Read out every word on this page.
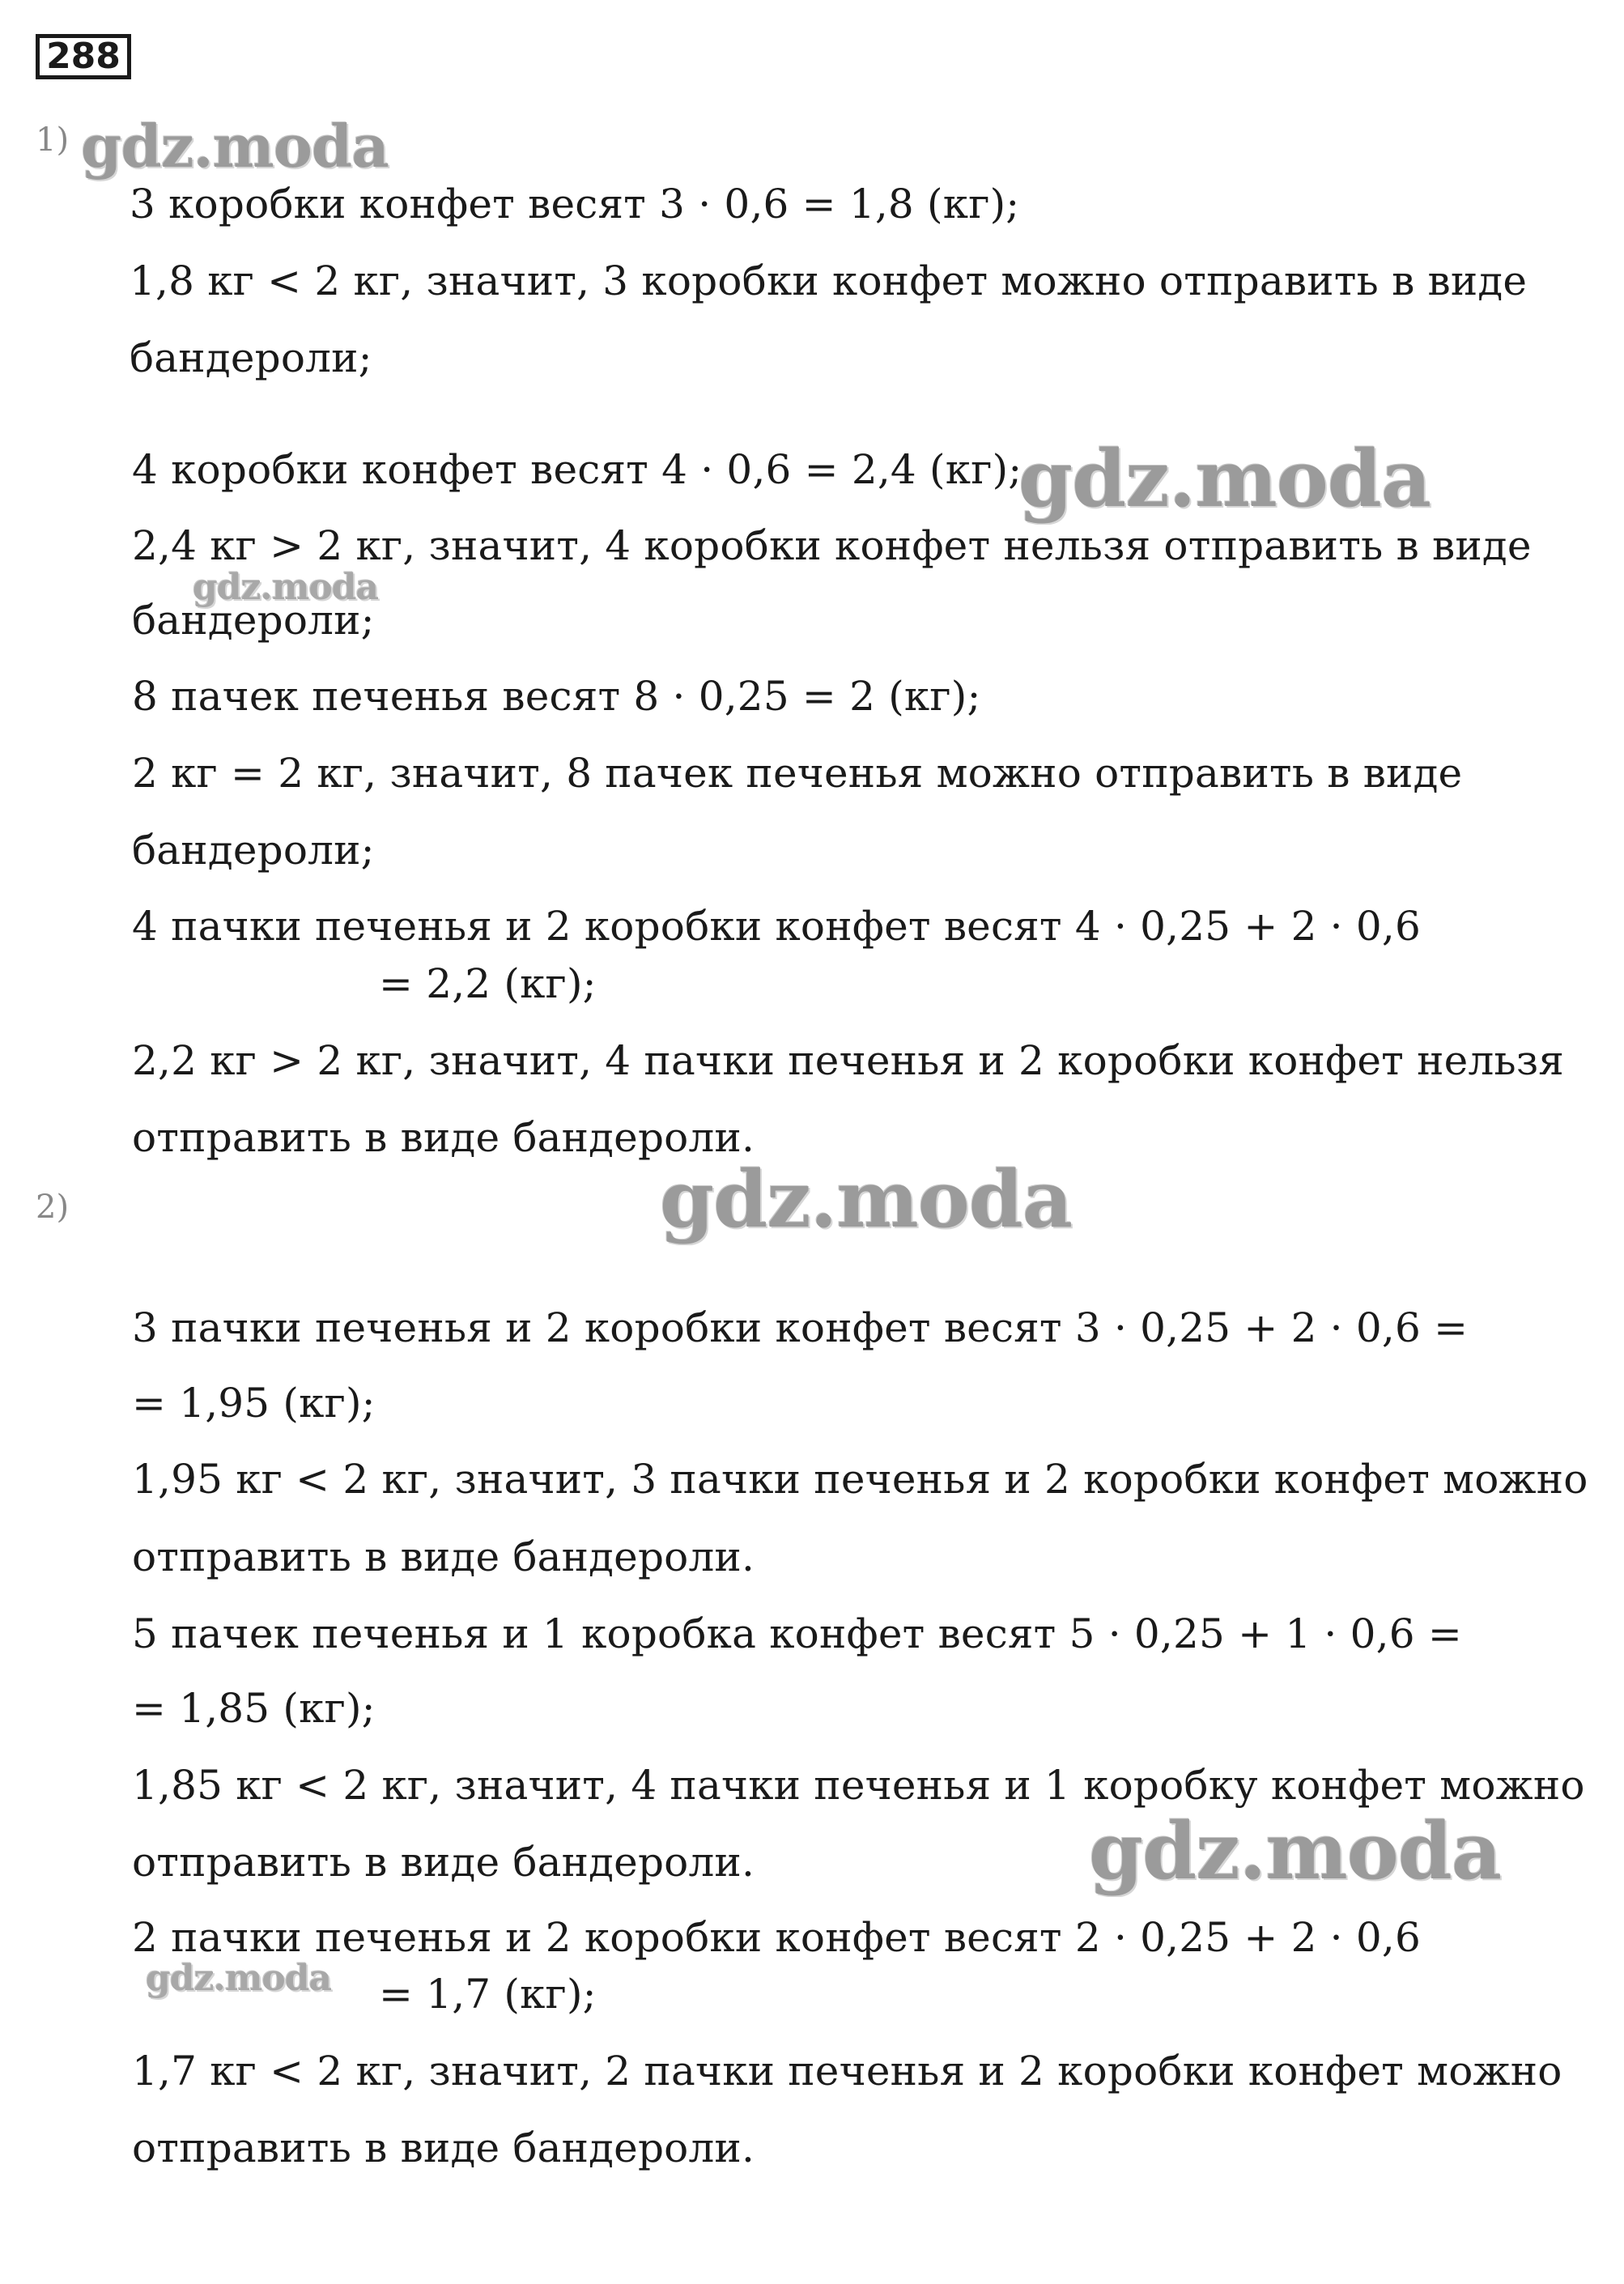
288
1)
3 коробки конфет весят 3 · 0,6 = 1,8 (кг);
1,8 кг < 2 кг, значит, 3 коробки конфет можно отправить в виде
бандероли;
4 коробки конфет весят 4 · 0,6 = 2,4 (кг);
2,4 кг > 2 кг, значит, 4 коробки конфет нельзя отправить в виде
бандероли;
8 пачек печенья весят 8 · 0,25 = 2 (кг);
2 кг = 2 кг, значит, 8 пачек печенья можно отправить в виде
бандероли;
4 пачки печенья и 2 коробки конфет весят 4 · 0,25 + 2 · 0,6
= 2,2 (кг);
2,2 кг > 2 кг, значит, 4 пачки печенья и 2 коробки конфет нельзя
отправить в виде бандероли.
2)
3 пачки печенья и 2 коробки конфет весят 3 · 0,25 + 2 · 0,6 =
= 1,95 (кг);
1,95 кг < 2 кг, значит, 3 пачки печенья и 2 коробки конфет можно
отправить в виде бандероли.
5 пачек печенья и 1 коробка конфет весят 5 · 0,25 + 1 · 0,6 =
= 1,85 (кг);
1,85 кг < 2 кг, значит, 4 пачки печенья и 1 коробку конфет можно
отправить в виде бандероли.
2 пачки печенья и 2 коробки конфет весят 2 · 0,25 + 2 · 0,6
= 1,7 (кг);
1,7 кг < 2 кг, значит, 2 пачки печенья и 2 коробки конфет можно
отправить в виде бандероли.
gdz.moda
gdz.moda
gdz.moda
gdz.moda
gdz.moda
gdz.moda
